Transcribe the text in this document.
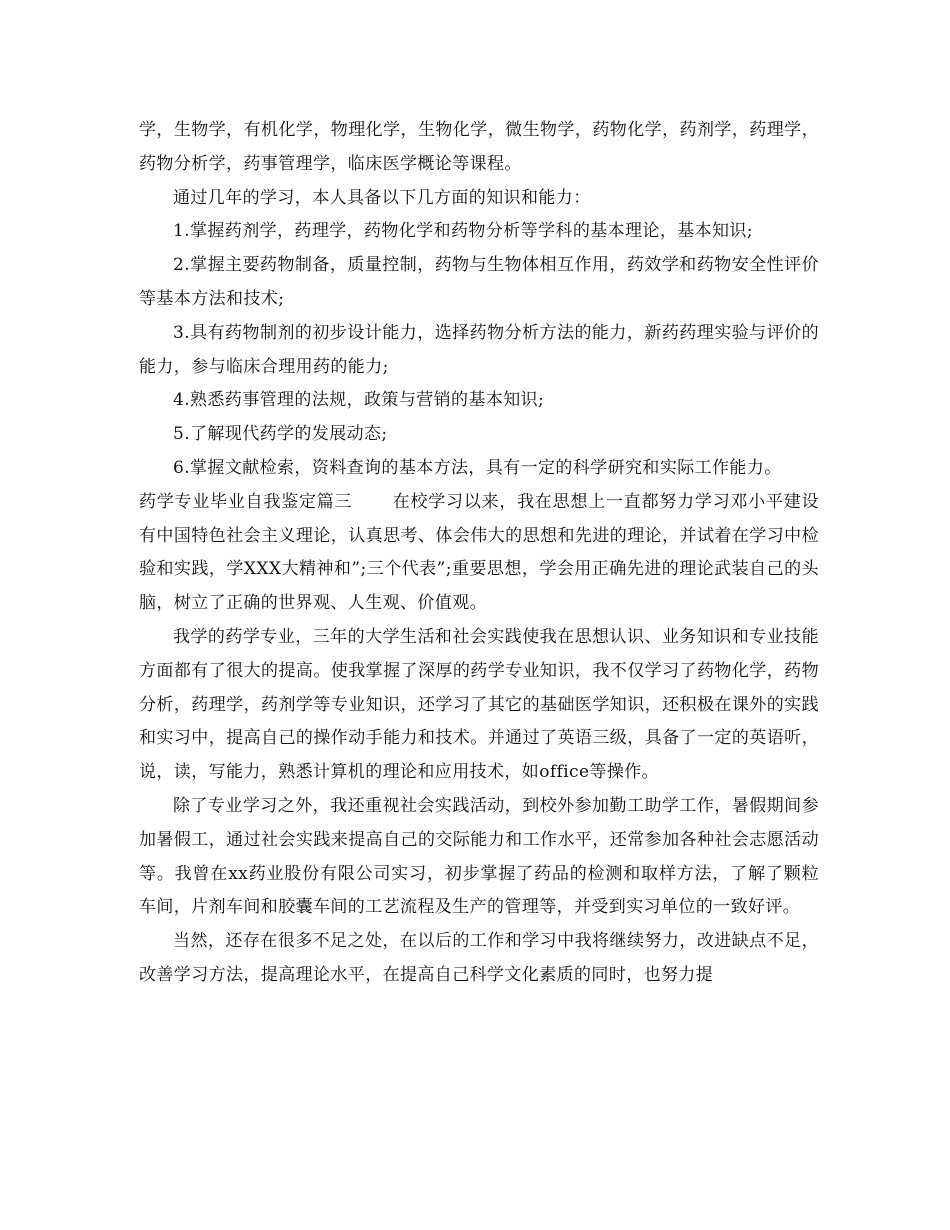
学，生物学，有机化学，物理化学，生物化学，微生物学，药物化学，药剂学，药理学，药物分析学，药事管理学，临床医学概论等课程。

通过几年的学习，本人具备以下几方面的知识和能力：

1.掌握药剂学，药理学，药物化学和药物分析等学科的基本理论，基本知识;

2.掌握主要药物制备，质量控制，药物与生物体相互作用，药效学和药物安全性评价等基本方法和技术;

3.具有药物制剂的初步设计能力，选择药物分析方法的能力，新药药理实验与评价的能力，参与临床合理用药的能力;

4.熟悉药事管理的法规，政策与营销的基本知识;

5.了解现代药学的发展动态;

6.掌握文献检索，资料查询的基本方法，具有一定的科学研究和实际工作能力。

药学专业毕业自我鉴定篇三 在校学习以来，我在思想上一直都努力学习邓小平建设有中国特色社会主义理论，认真思考、体会伟大的思想和先进的理论，并试着在学习中检验和实践，学XXX大精神和”;三个代表”;重要思想，学会用正确先进的理论武装自己的头脑，树立了正确的世界观、人生观、价值观。

我学的药学专业，三年的大学生活和社会实践使我在思想认识、业务知识和专业技能方面都有了很大的提高。使我掌握了深厚的药学专业知识，我不仅学习了药物化学，药物分析，药理学，药剂学等专业知识，还学习了其它的基础医学知识，还积极在课外的实践和实习中，提高自己的操作动手能力和技术。并通过了英语三级，具备了一定的英语听，说，读，写能力，熟悉计算机的理论和应用技术，如office等操作。

除了专业学习之外，我还重视社会实践活动，到校外参加勤工助学工作，暑假期间参加暑假工，通过社会实践来提高自己的交际能力和工作水平，还常参加各种社会志愿活动等。我曾在xx药业股份有限公司实习，初步掌握了药品的检测和取样方法，了解了颗粒车间，片剂车间和胶囊车间的工艺流程及生产的管理等，并受到实习单位的一致好评。

当然，还存在很多不足之处，在以后的工作和学习中我将继续努力，改进缺点不足，改善学习方法，提高理论水平，在提高自己科学文化素质的同时，也努力提
